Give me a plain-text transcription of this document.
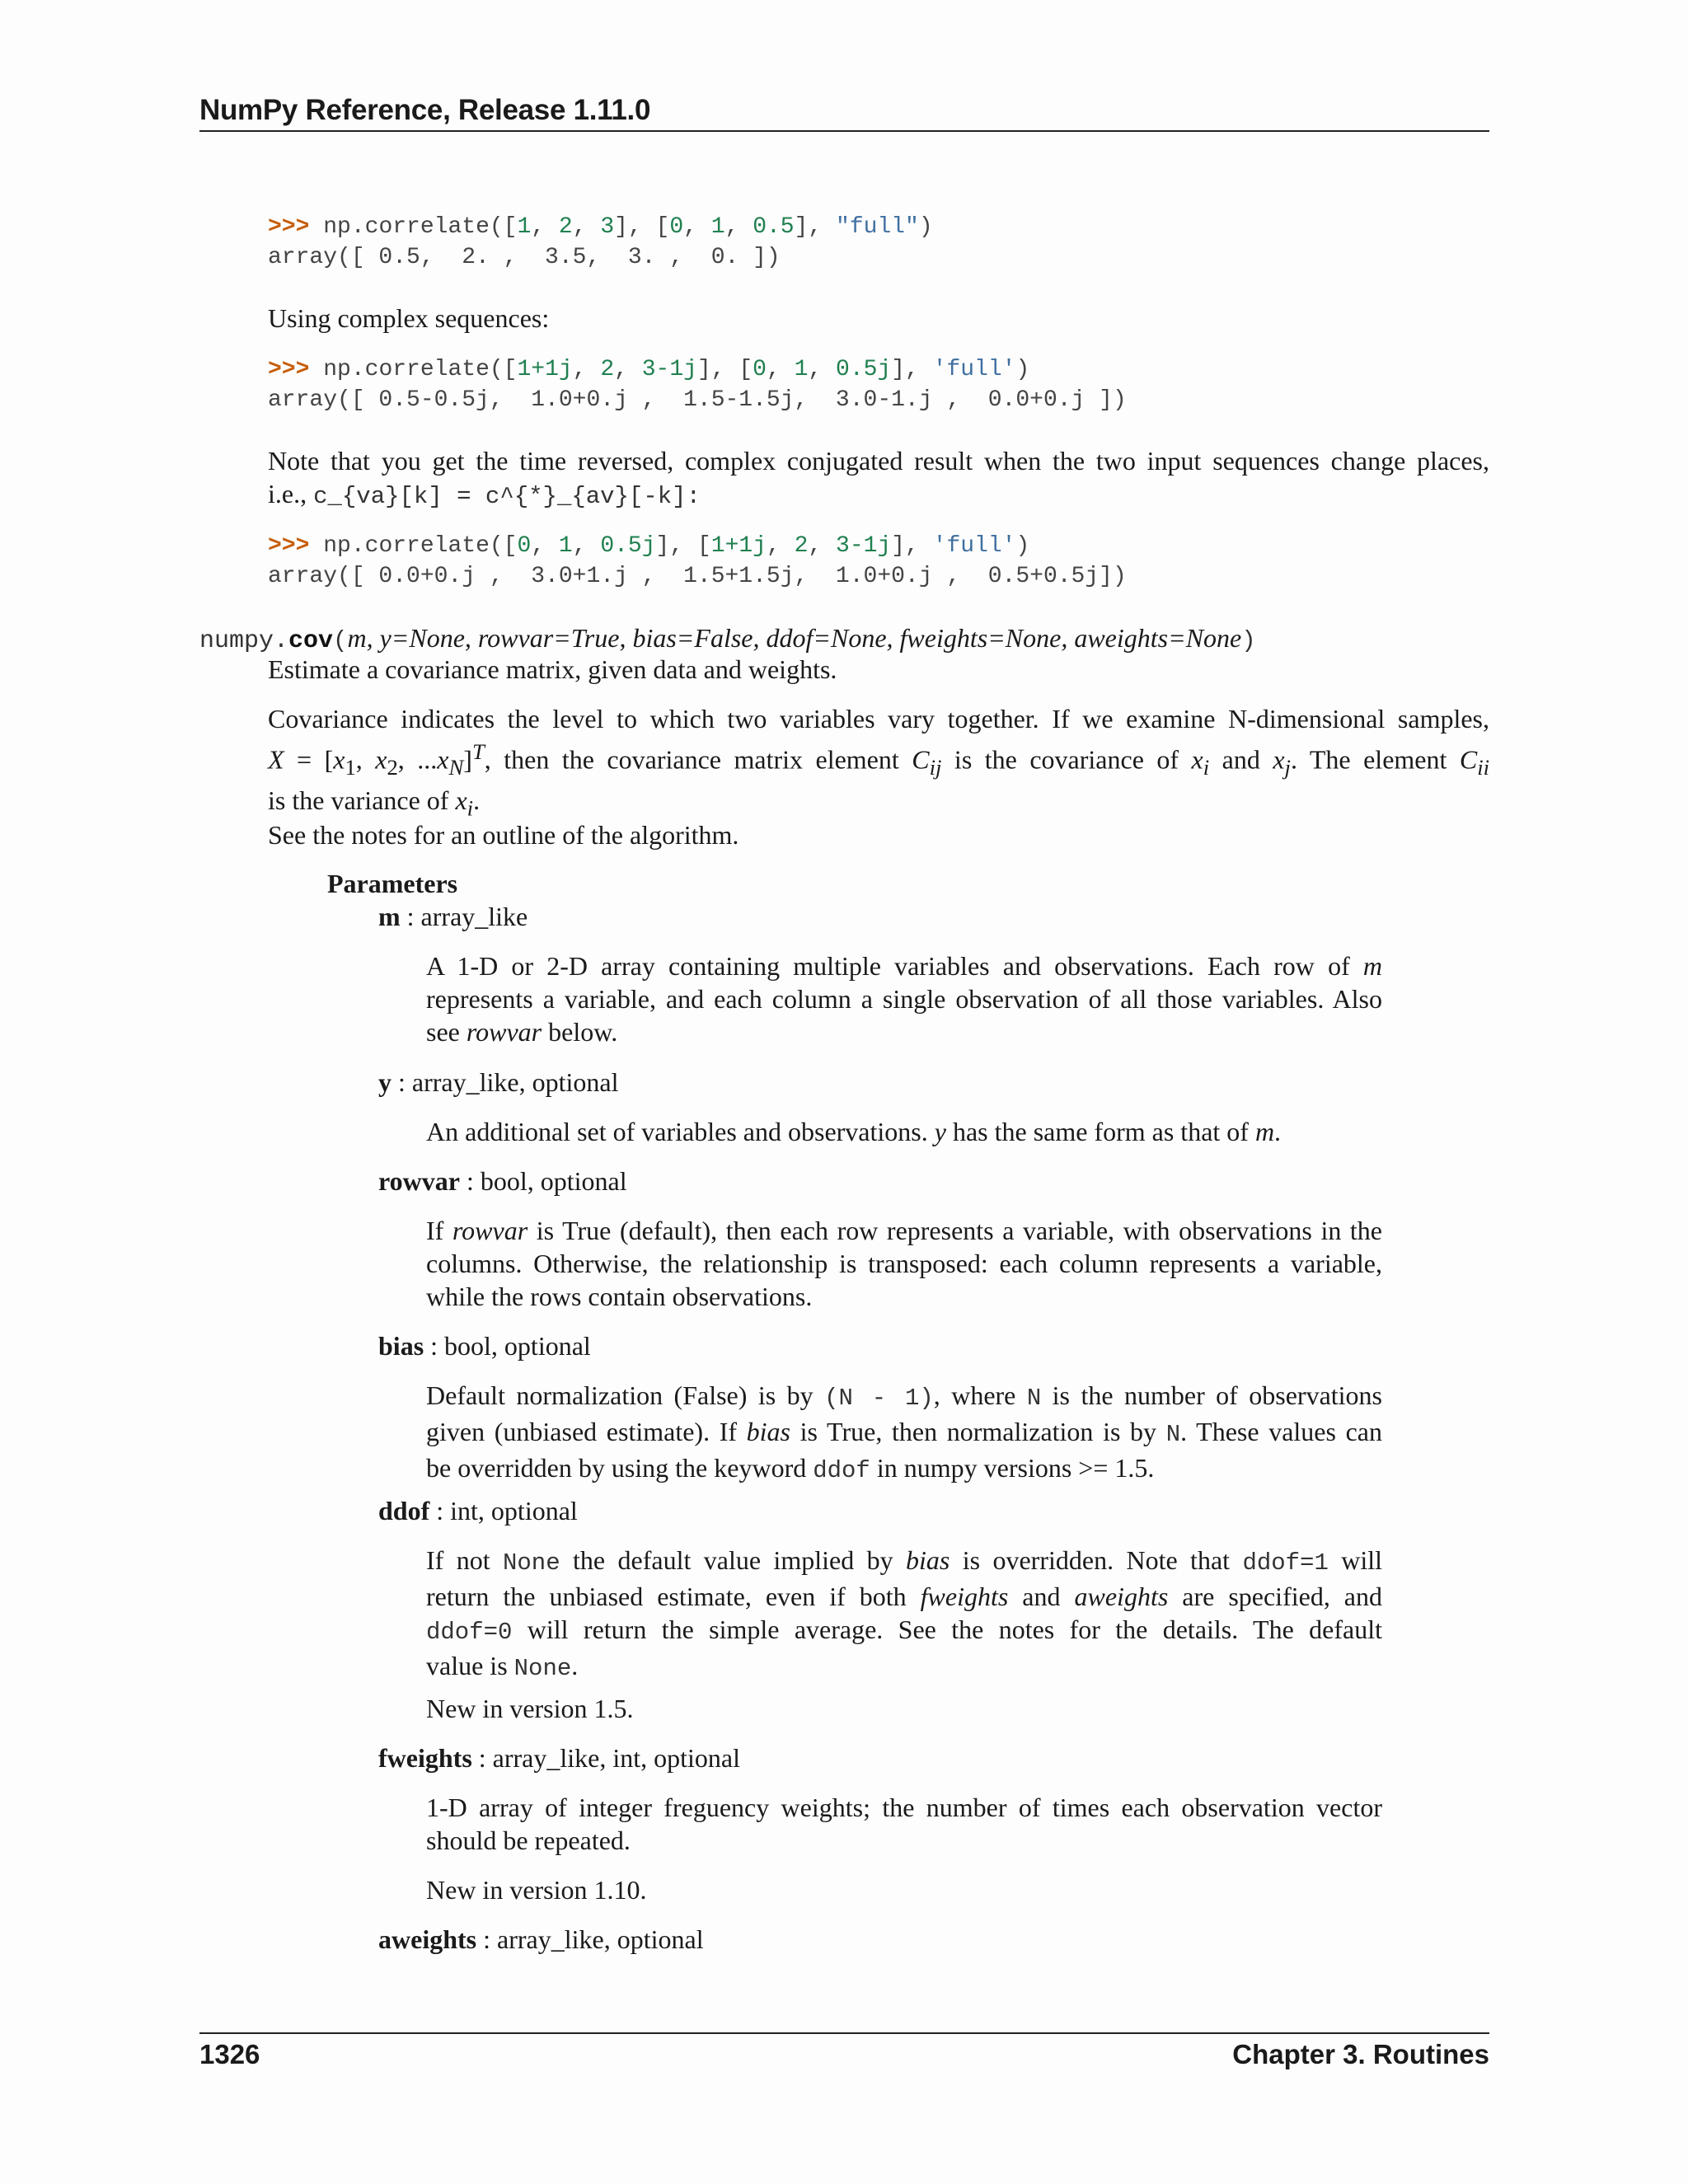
NumPy Reference, Release 1.11.0
>>> np.correlate([1, 2, 3], [0, 1, 0.5], "full")
array([ 0.5,  2. ,  3.5,  3. ,  0. ])
Using complex sequences:
>>> np.correlate([1+1j, 2, 3-1j], [0, 1, 0.5j], 'full')
array([ 0.5-0.5j,  1.0+0.j ,  1.5-1.5j,  3.0-1.j ,  0.0+0.j ])
Note that you get the time reversed, complex conjugated result when the two input sequences change places,
i.e., c_{va}[k] = c^{*}_{av}[-k]:
>>> np.correlate([0, 1, 0.5j], [1+1j, 2, 3-1j], 'full')
array([ 0.0+0.j ,  3.0+1.j ,  1.5+1.5j,  1.0+0.j ,  0.5+0.5j])
numpy.cov(m, y=None, rowvar=True, bias=False, ddof=None, fweights=None, aweights=None)
Estimate a covariance matrix, given data and weights.
Covariance indicates the level to which two variables vary together. If we examine N-dimensional samples,
$X = [x_1$, $x_2$, $...x_N]^T$, then the covariance matrix element $C_{ij}$ is the covariance of $x_i$ and $x_j$. The element $C_{ii}$
is the variance of $x_i$.
See the notes for an outline of the algorithm.
Parameters
m : array_like
A 1-D or 2-D array containing multiple variables and observations. Each row of m
represents a variable, and each column a single observation of all those variables. Also
see rowvar below.
y : array_like, optional
An additional set of variables and observations. y has the same form as that of m.
rowvar : bool, optional
If rowvar is True (default), then each row represents a variable, with observations in the
columns. Otherwise, the relationship is transposed: each column represents a variable,
while the rows contain observations.
bias : bool, optional
Default normalization (False) is by (N - 1), where N is the number of observations
given (unbiased estimate). If bias is True, then normalization is by N. These values can
be overridden by using the keyword ddof in numpy versions >= 1.5.
ddof : int, optional
If not None the default value implied by bias is overridden. Note that ddof=1 will
return the unbiased estimate, even if both fweights and aweights are specified, and
ddof=0 will return the simple average. See the notes for the details. The default
value is None.
New in version 1.5.
fweights : array_like, int, optional
1-D array of integer freguency weights; the number of times each observation vector
should be repeated.
New in version 1.10.
aweights : array_like, optional
1326	Chapter 3. Routines
